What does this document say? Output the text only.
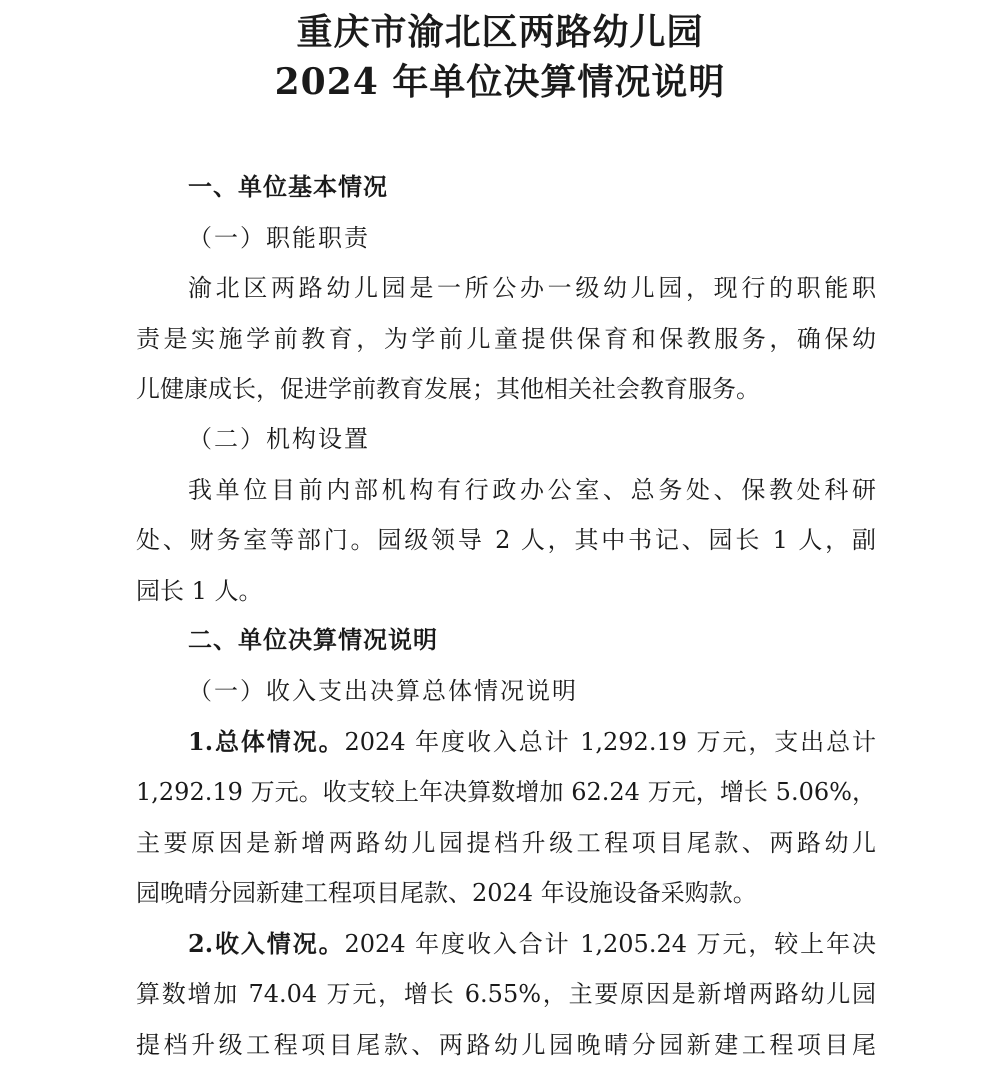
重庆市渝北区两路幼儿园
2024 年单位决算情况说明
一、单位基本情况
（一）职能职责
渝北区两路幼儿园是一所公办一级幼儿园，现行的职能职
责是实施学前教育，为学前儿童提供保育和保教服务，确保幼
儿健康成长，促进学前教育发展；其他相关社会教育服务。
（二）机构设置
我单位目前内部机构有行政办公室、总务处、保教处科研
处、财务室等部门。园级领导 2 人，其中书记、园长 1 人，副
园长 1 人。
二、单位决算情况说明
（一）收入支出决算总体情况说明
1.总体情况。2024 年度收入总计 1,292.19 万元，支出总计
1,292.19 万元。收支较上年决算数增加 62.24 万元，增长 5.06%，
主要原因是新增两路幼儿园提档升级工程项目尾款、两路幼儿
园晚晴分园新建工程项目尾款、2024 年设施设备采购款。
2.收入情况。2024 年度收入合计 1,205.24 万元，较上年决
算数增加 74.04 万元，增长 6.55%，主要原因是新增两路幼儿园
提档升级工程项目尾款、两路幼儿园晚晴分园新建工程项目尾
